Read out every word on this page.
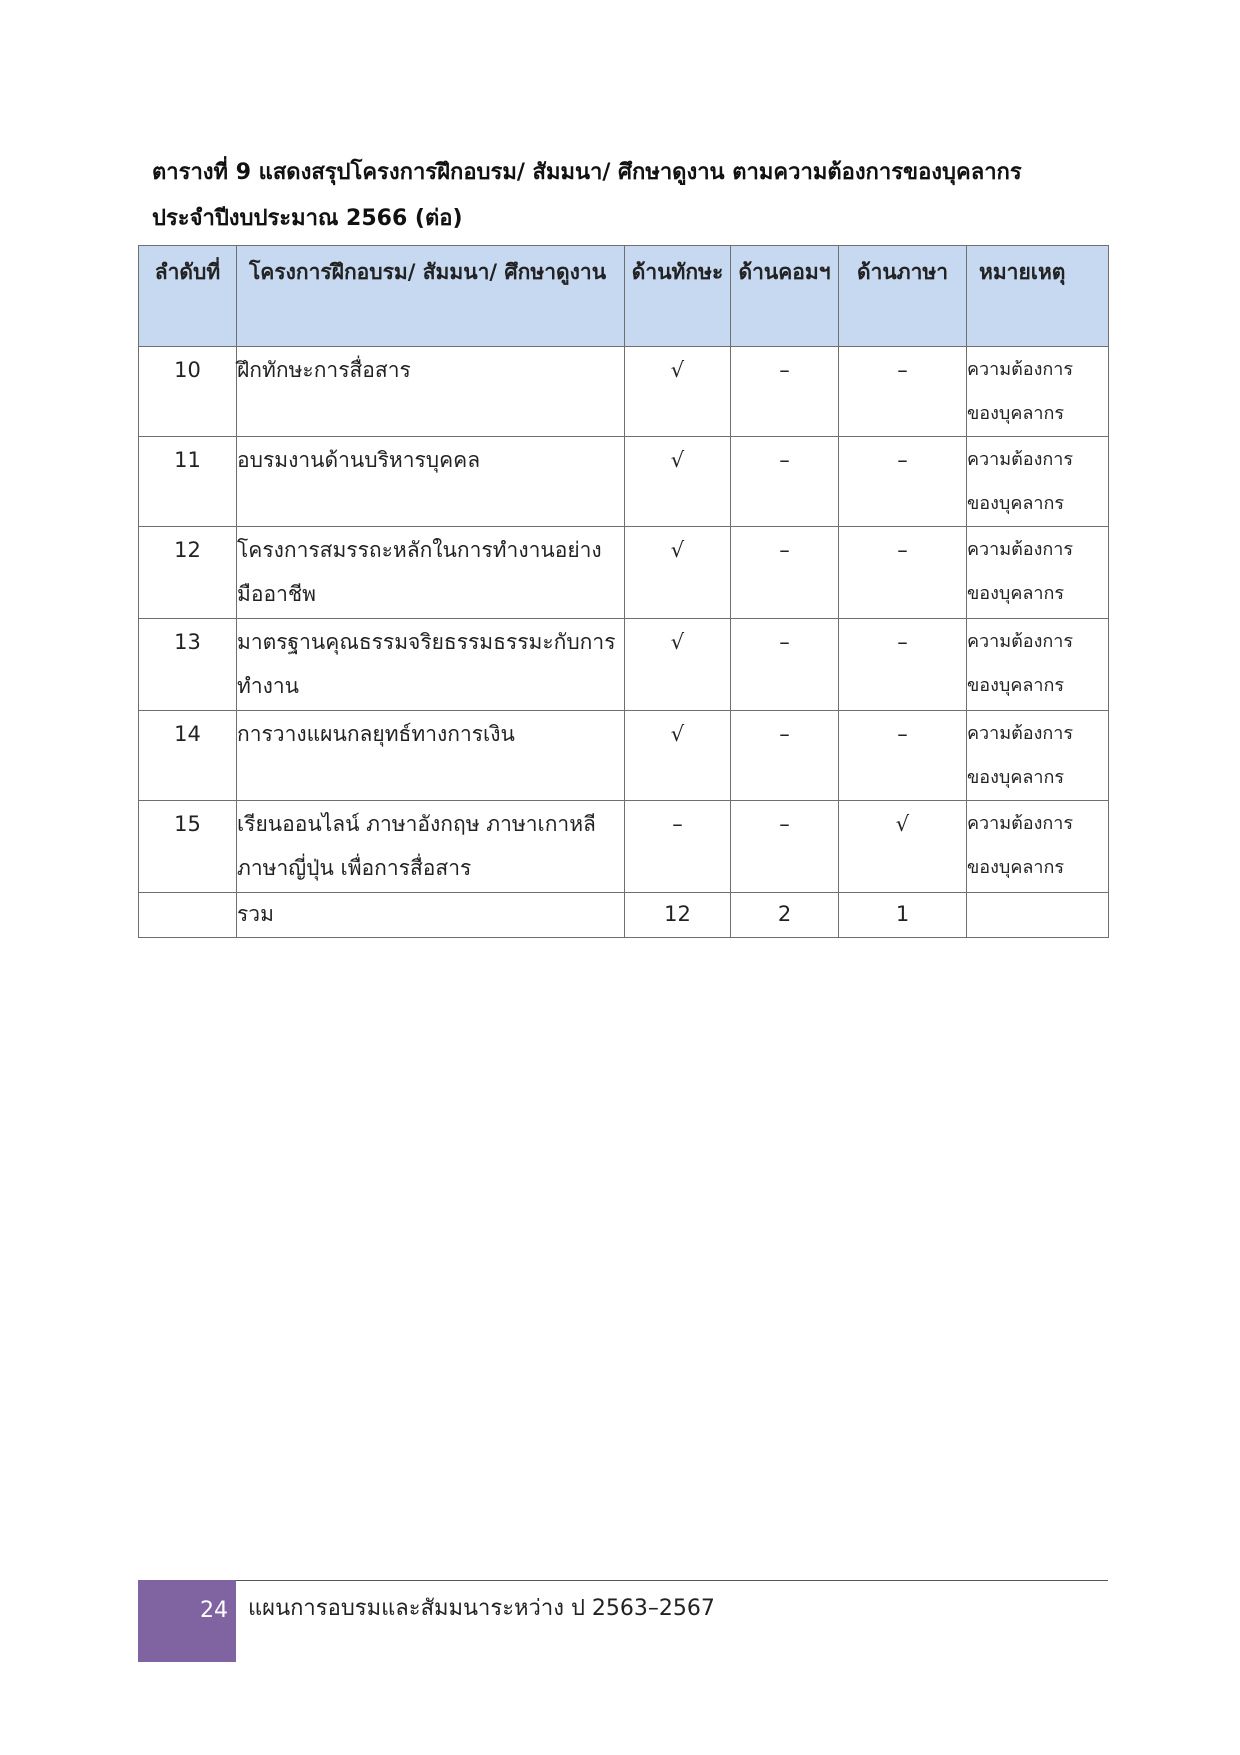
ตารางที่ 9 แสดงสรุปโครงการฝึกอบรม/ สัมมนา/ ศึกษาดูงาน ตามความต้องการของบุคลากร
ประจำปีงบประมาณ 2566 (ต่อ)
ลำดับที่	โครงการฝึกอบรม/ สัมมนา/ ศึกษาดูงาน	ด้านทักษะ	ด้านคอมฯ	ด้านภาษา	หมายเหตุ
10	ฝึกทักษะการสื่อสาร	√	–	–	ความต้องการ
ของบุคลากร
11	อบรมงานด้านบริหารบุคคล	√	–	–	ความต้องการ
ของบุคลากร
12	โครงการสมรรถะหลักในการทำงานอย่างมืออาชีพ	√	–	–	ความต้องการ
ของบุคลากร
13	มาตรฐานคุณธรรมจริยธรรมธรรมะกับการทำงาน	√	–	–	ความต้องการ
ของบุคลากร
14	การวางแผนกลยุทธ์ทางการเงิน	√	–	–	ความต้องการ
ของบุคลากร
15	เรียนออนไลน์ ภาษาอังกฤษ ภาษาเกาหลี ภาษาญี่ปุ่น เพื่อการสื่อสาร	–	–	√	ความต้องการ
ของบุคลากร
	รวม	12	2	1	
24 แผนการอบรมและสัมมนาระหว่าง ป 2563–2567
